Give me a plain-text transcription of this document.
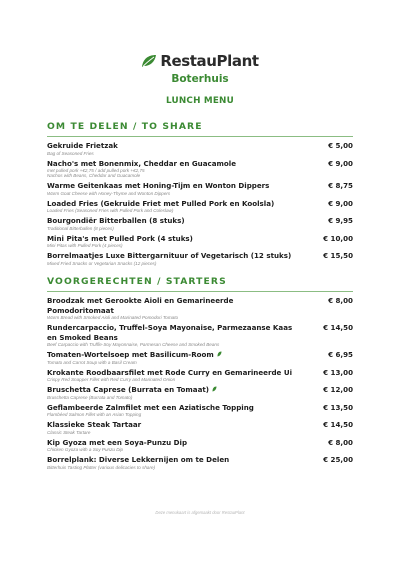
RestauPlant
Boterhuis
LUNCH MENU
OM TE DELEN / TO SHARE
Gekruide Frietzak
Bag of Seasoned Fries
€ 5,00
Nacho's met Bonenmix, Cheddar en Guacamole
met pulled pork +€2,75 / add pulled pork +€2,75
Nachos with Beans, Cheddar and Guacamole
€ 9,00
Warme Geitenkaas met Honing-Tijm en Wonton Dippers
Warm Goat Cheese with Honey-Thyme and Wonton Dippers
€ 8,75
Loaded Fries (Gekruide Friet met Pulled Pork en Koolsla)
Loaded Fries (Seasoned Fries with Pulled Pork and Coleslaw)
€ 9,00
Bourgondiër Bitterballen (8 stuks)
Traditional Bitterballen (8 pieces)
€ 9,95
Mini Pita's met Pulled Pork (4 stuks)
Mini Pitas with Pulled Pork (4 pieces)
€ 10,00
Borrelmaatjes Luxe Bittergarnituur of Vegetarisch (12 stuks)
Mixed Fried Snacks or Vegetarian Snacks (12 pieces)
€ 15,50
VOORGERECHTEN / STARTERS
Broodzak met Gerookte Aioli en Gemarineerde Pomodoritomaat
Warm Bread with Smoked Aioli and Marinated Pomodori Tomato
€ 8,00
Rundercarpaccio, Truffel-Soya Mayonaise, Parmezaanse Kaas en Smoked Beans
Beef Carpaccio with Truffle-Soy Mayonnaise, Parmesan Cheese and Smoked Beans
€ 14,50
Tomaten-Wortelsoep met Basilicum-Room
Tomato and Carrot Soup with a Basil Cream
€ 6,95
Krokante Roodbaarsfilet met Rode Curry en Gemarineerde Ui
Crispy Red Snapper Fillet with Red Curry and Marinated Onion
€ 13,00
Bruschetta Caprese (Burrata en Tomaat)
Bruschetta Caprese (Burrata and Tomato)
€ 12,00
Geflambeerde Zalmfilet met een Aziatische Topping
Flambéed Salmon Fillet with an Asian Topping
€ 13,50
Klassieke Steak Tartaar
Classic Steak Tartare
€ 14,50
Kip Gyoza met een Soya-Punzu Dip
Chicken Gyoza with a Soy Punzu Dip
€ 8,00
Borrelplank: Diverse Lekkernijen om te Delen
Bitterhuis Tasting Platter (various delicacies to share)
€ 25,00
Deze menukaart is afgemaakt door RestauPlant
